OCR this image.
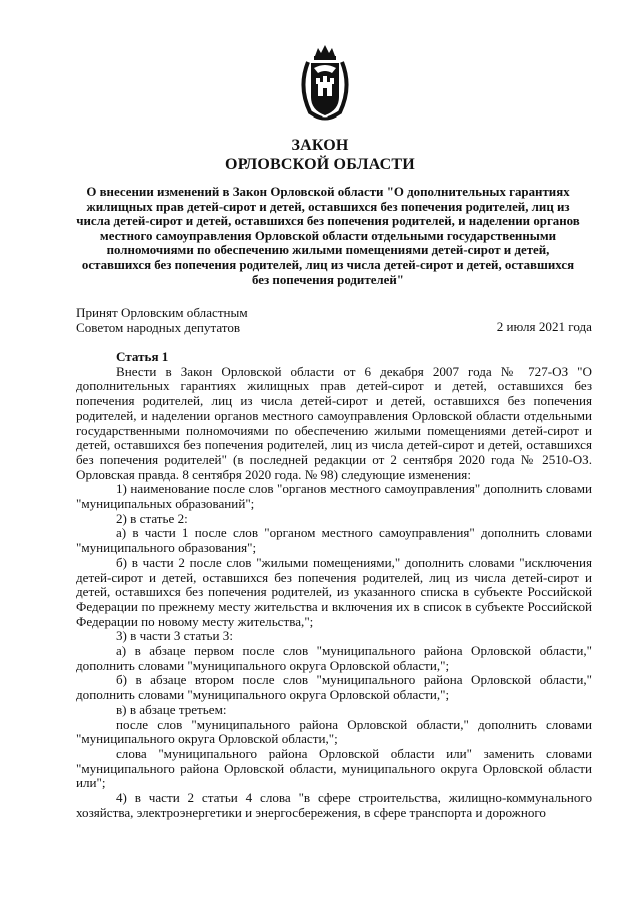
ЗАКОН
ОРЛОВСКОЙ ОБЛАСТИ
О внесении изменений в Закон Орловской области "О дополнительных гарантиях жилищных прав детей-сирот и детей, оставшихся без попечения родителей, лиц из числа детей-сирот и детей, оставшихся без попечения родителей, и наделении органов местного самоуправления Орловской области отдельными государственными полномочиями по обеспечению жилыми помещениями детей-сирот и детей, оставшихся без попечения родителей, лиц из числа детей-сирот и детей, оставшихся без попечения родителей"
Принят Орловским областным
Советом народных депутатов	2 июля 2021 года

Статья 1

Внести в Закон Орловской области от 6 декабря 2007 года № 727-ОЗ "О дополнительных гарантиях жилищных прав детей-сирот и детей, оставшихся без попечения родителей, лиц из числа детей-сирот и детей, оставшихся без попечения родителей, и наделении органов местного самоуправления Орловской области отдельными государственными полномочиями по обеспечению жилыми помещениями детей-сирот и детей, оставшихся без попечения родителей, лиц из числа детей-сирот и детей, оставшихся без попечения родителей" (в последней редакции от 2 сентября 2020 года № 2510-ОЗ. Орловская правда. 8 сентября 2020 года. № 98) следующие изменения:

1) наименование после слов "органов местного самоуправления" дополнить словами "муниципальных образований";

2) в статье 2:

а) в части 1 после слов "органом местного самоуправления" дополнить словами "муниципального образования";

б) в части 2 после слов "жилыми помещениями," дополнить словами "исключения детей-сирот и детей, оставшихся без попечения родителей, лиц из числа детей-сирот и детей, оставшихся без попечения родителей, из указанного списка в субъекте Российской Федерации по прежнему месту жительства и включения их в список в субъекте Российской Федерации по новому месту жительства,";

3) в части 3 статьи 3:

а) в абзаце первом после слов "муниципального района Орловской области," дополнить словами "муниципального округа Орловской области,";

б) в абзаце втором после слов "муниципального района Орловской области," дополнить словами "муниципального округа Орловской области,";

в) в абзаце третьем:

после слов "муниципального района Орловской области," дополнить словами "муниципального округа Орловской области,";

слова "муниципального района Орловской области или" заменить словами "муниципального района Орловской области, муниципального округа Орловской области или";

4) в части 2 статьи 4 слова "в сфере строительства, жилищно-коммунального хозяйства, электроэнергетики и энергосбережения, в сфере транспорта и дорожного
